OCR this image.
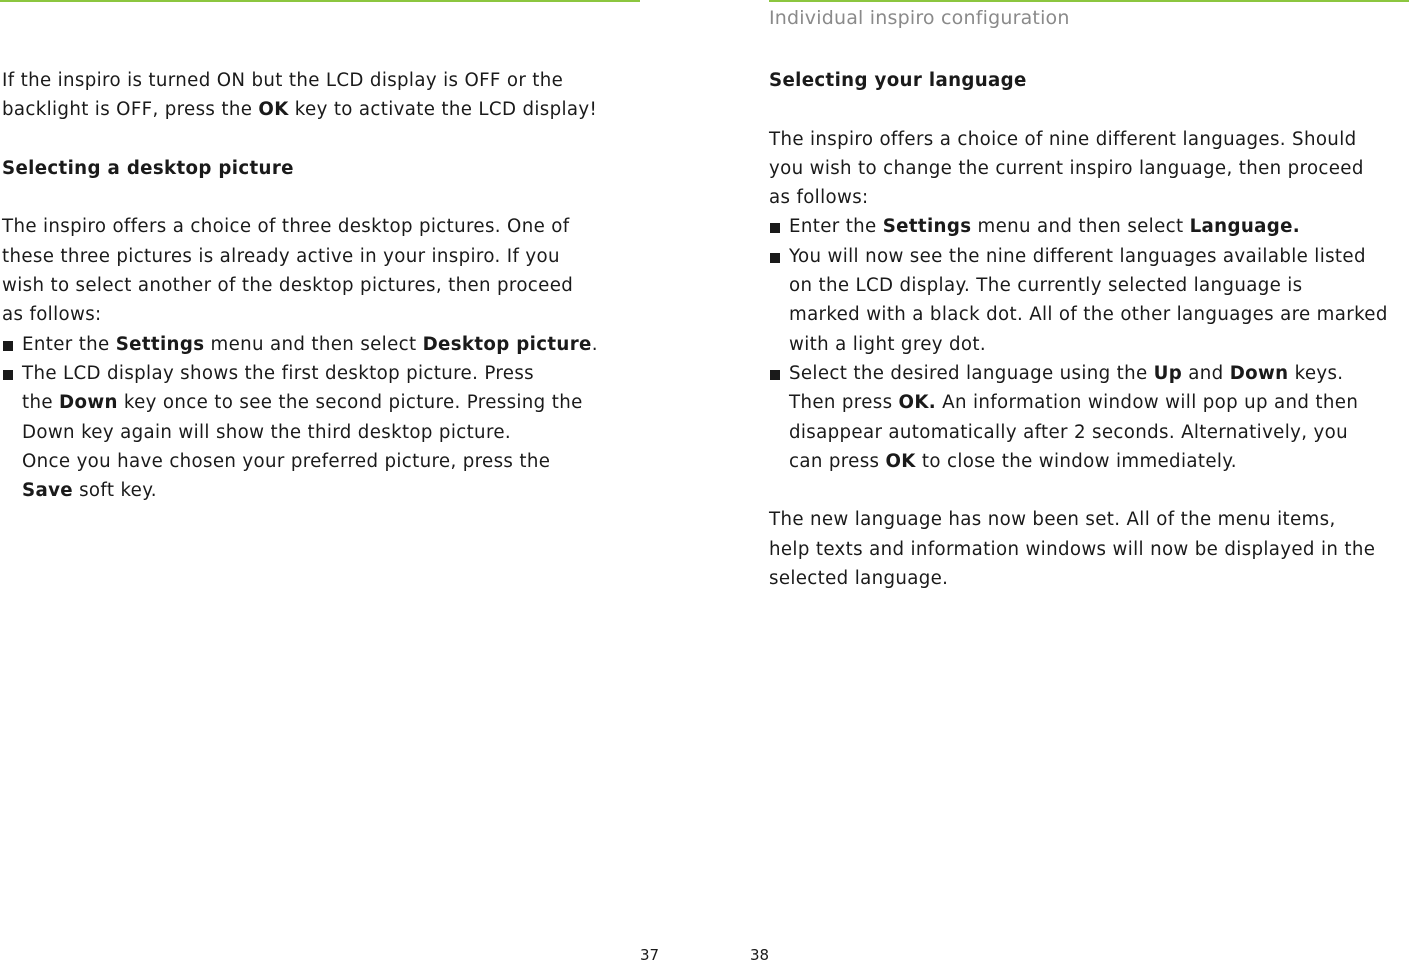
Individual inspiro configuration

If the inspiro is turned ON but the LCD display is OFF or the
backlight is OFF, press the OK key to activate the LCD display!

Selecting a desktop picture

The inspiro offers a choice of three desktop pictures. One of
these three pictures is already active in your inspiro. If you
wish to select another of the desktop pictures, then proceed
as follows:

Enter the Settings menu and then select Desktop picture.
The LCD display shows the first desktop picture. Press
the Down key once to see the second picture. Pressing the
Down key again will show the third desktop picture.
Once you have chosen your preferred picture, press the
Save soft key.

Selecting your language

The inspiro offers a choice of nine different languages. Should
you wish to change the current inspiro language, then proceed
as follows:

Enter the Settings menu and then select Language.
You will now see the nine different languages available listed
on the LCD display. The currently selected language is
marked with a black dot. All of the other languages are marked
with a light grey dot.
Select the desired language using the Up and Down keys.
Then press OK. An information window will pop up and then
disappear automatically after 2 seconds. Alternatively, you
can press OK to close the window immediately.

The new language has now been set. All of the menu items,
help texts and information windows will now be displayed in the
selected language.

37	38
